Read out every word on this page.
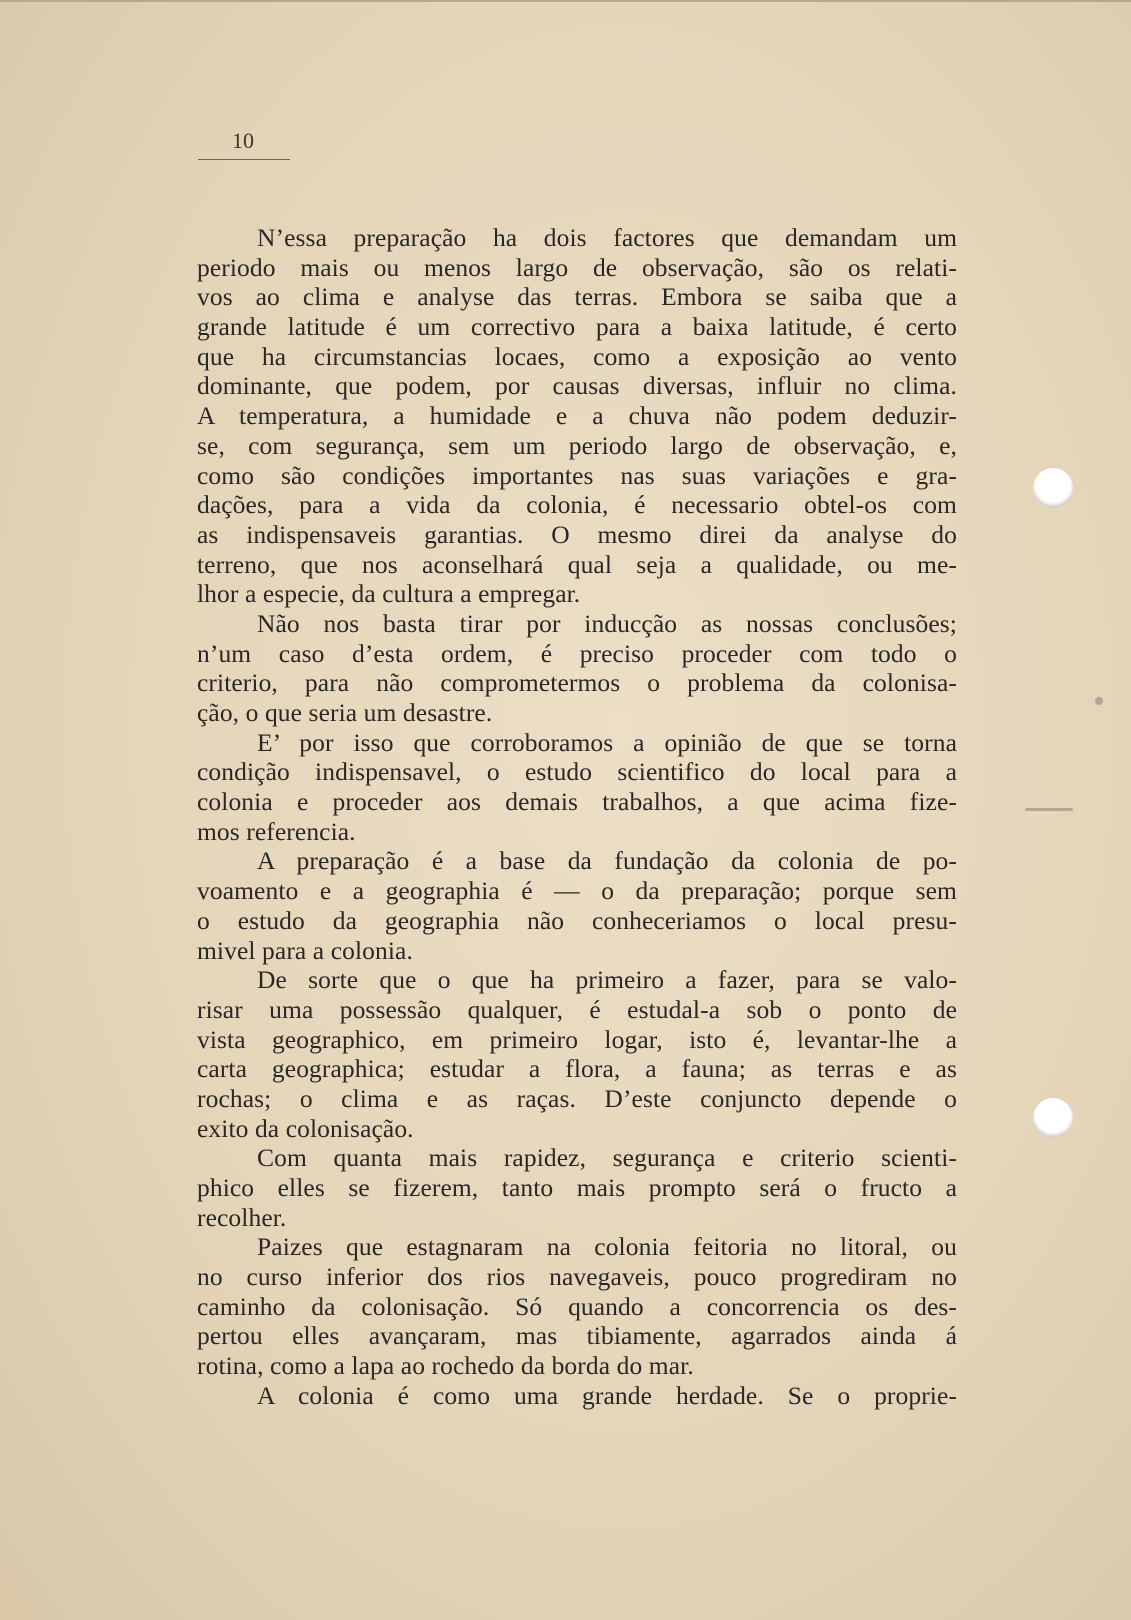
10
N’essa preparação ha dois factores que demandam um
periodo mais ou menos largo de observação, são os relati-
vos ao clima e analyse das terras. Embora se saiba que a
grande latitude é um correctivo para a baixa latitude, é certo
que ha circumstancias locaes, como a exposição ao vento
dominante, que podem, por causas diversas, influir no clima.
A temperatura, a humidade e a chuva não podem deduzir-
se, com segurança, sem um periodo largo de observação, e,
como são condições importantes nas suas variações e gra-
dações, para a vida da colonia, é necessario obtel-os com
as indispensaveis garantias. O mesmo direi da analyse do
terreno, que nos aconselhará qual seja a qualidade, ou me-
lhor a especie, da cultura a empregar.
Não nos basta tirar por inducção as nossas conclusões;
n’um caso d’esta ordem, é preciso proceder com todo o
criterio, para não comprometermos o problema da colonisa-
ção, o que seria um desastre.
E’ por isso que corroboramos a opinião de que se torna
condição indispensavel, o estudo scientifico do local para a
colonia e proceder aos demais trabalhos, a que acima fize-
mos referencia.
A preparação é a base da fundação da colonia de po-
voamento e a geographia é — o da preparação; porque sem
o estudo da geographia não conheceriamos o local presu-
mivel para a colonia.
De sorte que o que ha primeiro a fazer, para se valo-
risar uma possessão qualquer, é estudal-a sob o ponto de
vista geographico, em primeiro logar, isto é, levantar-lhe a
carta geographica; estudar a flora, a fauna; as terras e as
rochas; o clima e as raças. D’este conjuncto depende o
exito da colonisação.
Com quanta mais rapidez, segurança e criterio scienti-
phico elles se fizerem, tanto mais prompto será o fructo a
recolher.
Paizes que estagnaram na colonia feitoria no litoral, ou
no curso inferior dos rios navegaveis, pouco progrediram no
caminho da colonisação. Só quando a concorrencia os des-
pertou elles avançaram, mas tibiamente, agarrados ainda á
rotina, como a lapa ao rochedo da borda do mar.
A colonia é como uma grande herdade. Se o proprie-
